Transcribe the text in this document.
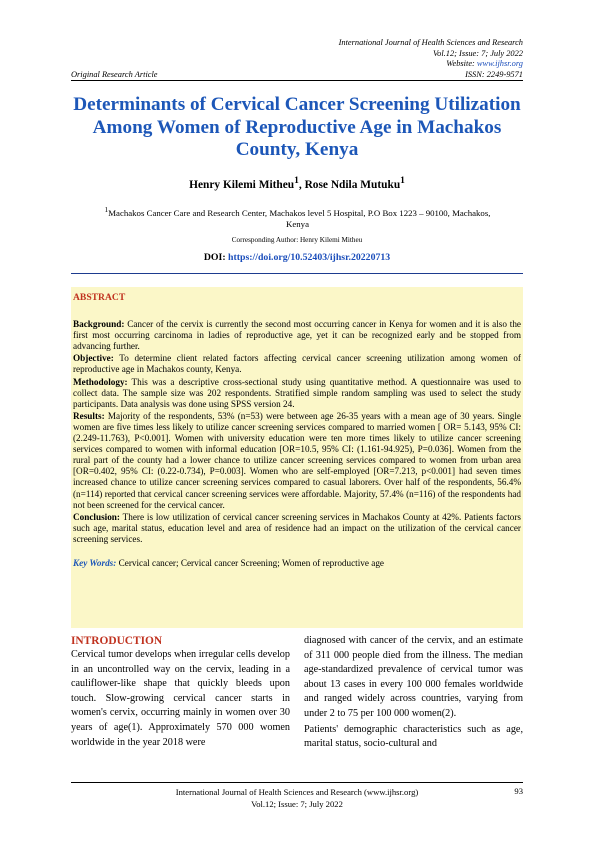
International Journal of Health Sciences and Research
Vol.12; Issue: 7; July 2022
Website: www.ijhsr.org
ISSN: 2249-9571
Original Research Article
Determinants of Cervical Cancer Screening Utilization Among Women of Reproductive Age in Machakos County, Kenya
Henry Kilemi Mitheu$^1$, Rose Ndila Mutuku$^1$
$^1$Machakos Cancer Care and Research Center, Machakos level 5 Hospital, P.O Box 1223 – 90100, Machakos, Kenya
Corresponding Author: Henry Kilemi Mitheu
DOI: https://doi.org/10.52403/ijhsr.20220713
ABSTRACT

Background: Cancer of the cervix is currently the second most occurring cancer in Kenya for women and it is also the first most occurring carcinoma in ladies of reproductive age, yet it can be recognized early and be stopped from advancing further.

Objective: To determine client related factors affecting cervical cancer screening utilization among women of reproductive age in Machakos county, Kenya.

Methodology: This was a descriptive cross-sectional study using quantitative method. A questionnaire was used to collect data. The sample size was 202 respondents. Stratified simple random sampling was used to select the study participants. Data analysis was done using SPSS version 24.

Results: Majority of the respondents, 53% (n=53) were between age 26-35 years with a mean age of 30 years. Single women are five times less likely to utilize cancer screening services compared to married women [ OR= 5.143, 95% CI: (2.249-11.763), P<0.001]. Women with university education were ten more times likely to utilize cancer screening services compared to women with informal education [OR=10.5, 95% CI: (1.161-94.925), P=0.036]. Women from the rural part of the county had a lower chance to utilize cancer screening services compared to women from urban area [OR=0.402, 95% CI: (0.22-0.734), P=0.003]. Women who are self-employed [OR=7.213, p<0.001] had seven times increased chance to utilize cancer screening services compared to casual laborers. Over half of the respondents, 56.4% (n=114) reported that cervical cancer screening services were affordable. Majority, 57.4% (n=116) of the respondents had not been screened for the cervical cancer.

Conclusion: There is low utilization of cervical cancer screening services in Machakos County at 42%. Patients factors such age, marital status, education level and area of residence had an impact on the utilization of the cervical cancer screening services.

Key Words: Cervical cancer; Cervical cancer Screening; Women of reproductive age

INTRODUCTION

Cervical tumor develops when irregular cells develop in an uncontrolled way on the cervix, leading in a cauliflower-like shape that quickly bleeds upon touch. Slow-growing cervical cancer starts in women's cervix, occurring mainly in women over 30 years of age(1). Approximately 570 000 women worldwide in the year 2018 were

diagnosed with cancer of the cervix, and an estimate of 311 000 people died from the illness. The median age-standardized prevalence of cervical tumor was about 13 cases in every 100 000 females worldwide and ranged widely across countries, varying from under 2 to 75 per 100 000 women(2).

Patients' demographic characteristics such as age, marital status, socio-cultural and

International Journal of Health Sciences and Research (www.ijhsr.org)
Vol.12; Issue: 7; July 2022
93
